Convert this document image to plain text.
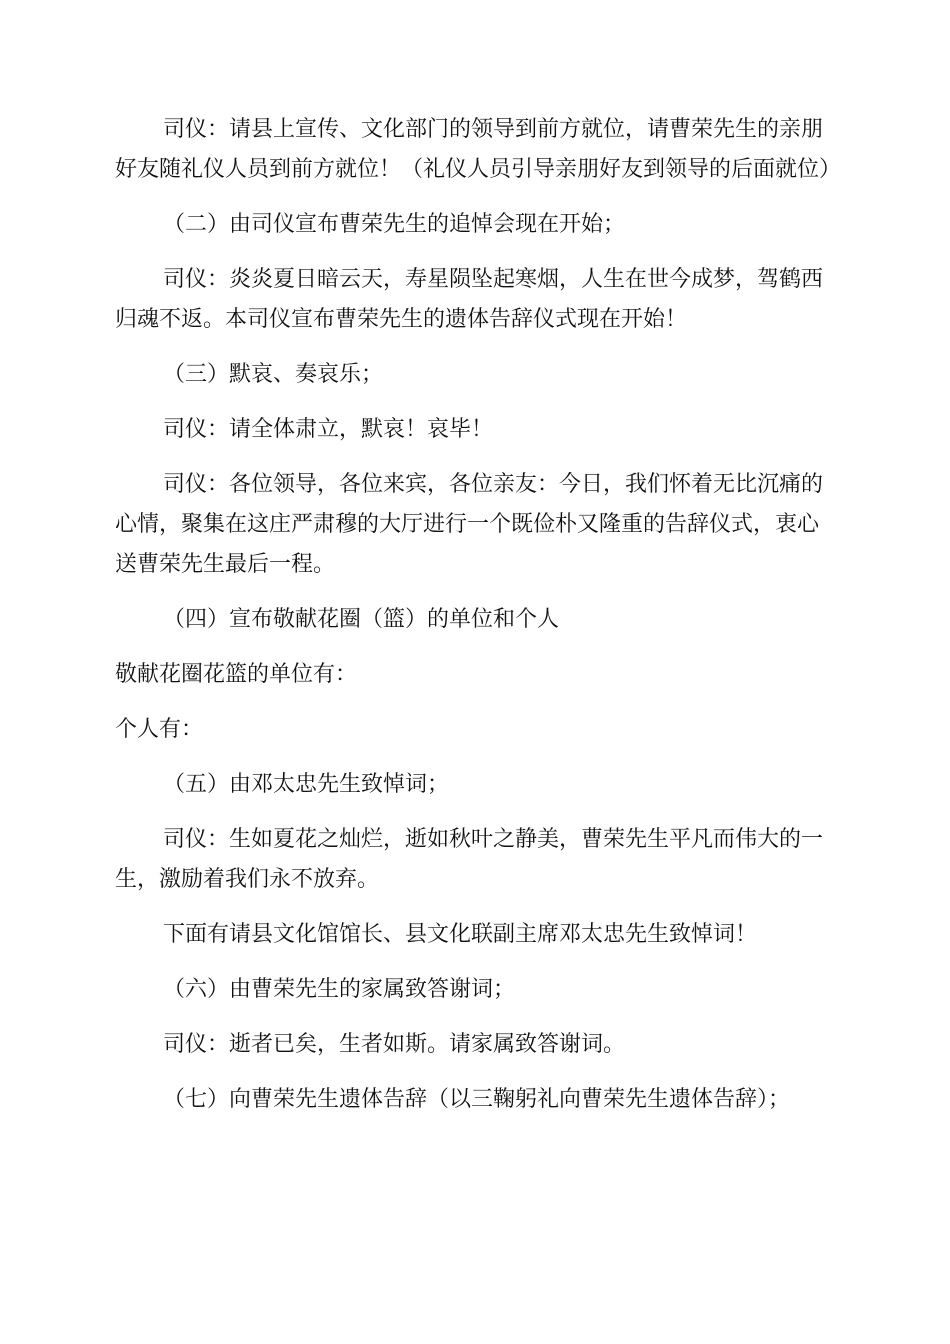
司仪：请县上宣传、文化部门的领导到前方就位，请曹荣先生的亲朋好友随礼仪人员到前方就位！（礼仪人员引导亲朋好友到领导的后面就位）

（二）由司仪宣布曹荣先生的追悼会现在开始；

司仪：炎炎夏日暗云天，寿星陨坠起寒烟，人生在世今成梦，驾鹤西归魂不返。本司仪宣布曹荣先生的遗体告辞仪式现在开始！

（三）默哀、奏哀乐；

司仪：请全体肃立，默哀！哀毕！

司仪：各位领导，各位来宾，各位亲友：今日，我们怀着无比沉痛的心情，聚集在这庄严肃穆的大厅进行一个既俭朴又隆重的告辞仪式，衷心送曹荣先生最后一程。

（四）宣布敬献花圈（篮）的单位和个人

敬献花圈花篮的单位有：

个人有：

（五）由邓太忠先生致悼词；

司仪：生如夏花之灿烂，逝如秋叶之静美，曹荣先生平凡而伟大的一生，激励着我们永不放弃。

下面有请县文化馆馆长、县文化联副主席邓太忠先生致悼词！

（六）由曹荣先生的家属致答谢词；

司仪：逝者已矣，生者如斯。请家属致答谢词。

（七）向曹荣先生遗体告辞（以三鞠躬礼向曹荣先生遗体告辞）；
